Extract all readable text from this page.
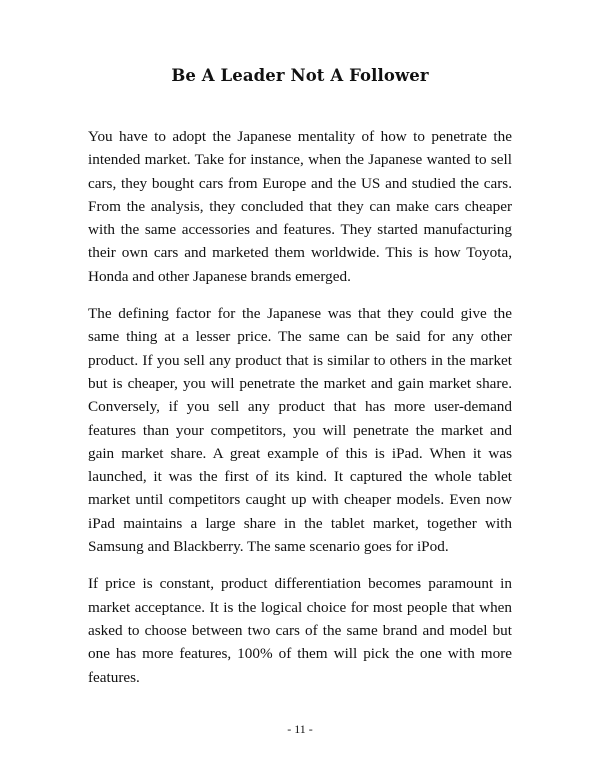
Be A Leader Not A Follower

You have to adopt the Japanese mentality of how to penetrate the intended market. Take for instance, when the Japanese wanted to sell cars, they bought cars from Europe and the US and studied the cars. From the analysis, they concluded that they can make cars cheaper with the same accessories and features. They started manufacturing their own cars and marketed them worldwide. This is how Toyota, Honda and other Japanese brands emerged.

The defining factor for the Japanese was that they could give the same thing at a lesser price. The same can be said for any other product. If you sell any product that is similar to others in the market but is cheaper, you will penetrate the market and gain market share. Conversely, if you sell any product that has more user-demand features than your competitors, you will penetrate the market and gain market share. A great example of this is iPad. When it was launched, it was the first of its kind. It captured the whole tablet market until competitors caught up with cheaper models. Even now iPad maintains a large share in the tablet market, together with Samsung and Blackberry. The same scenario goes for iPod.

If price is constant, product differentiation becomes paramount in market acceptance. It is the logical choice for most people that when asked to choose between two cars of the same brand and model but one has more features, 100% of them will pick the one with more features.

- 11 -
